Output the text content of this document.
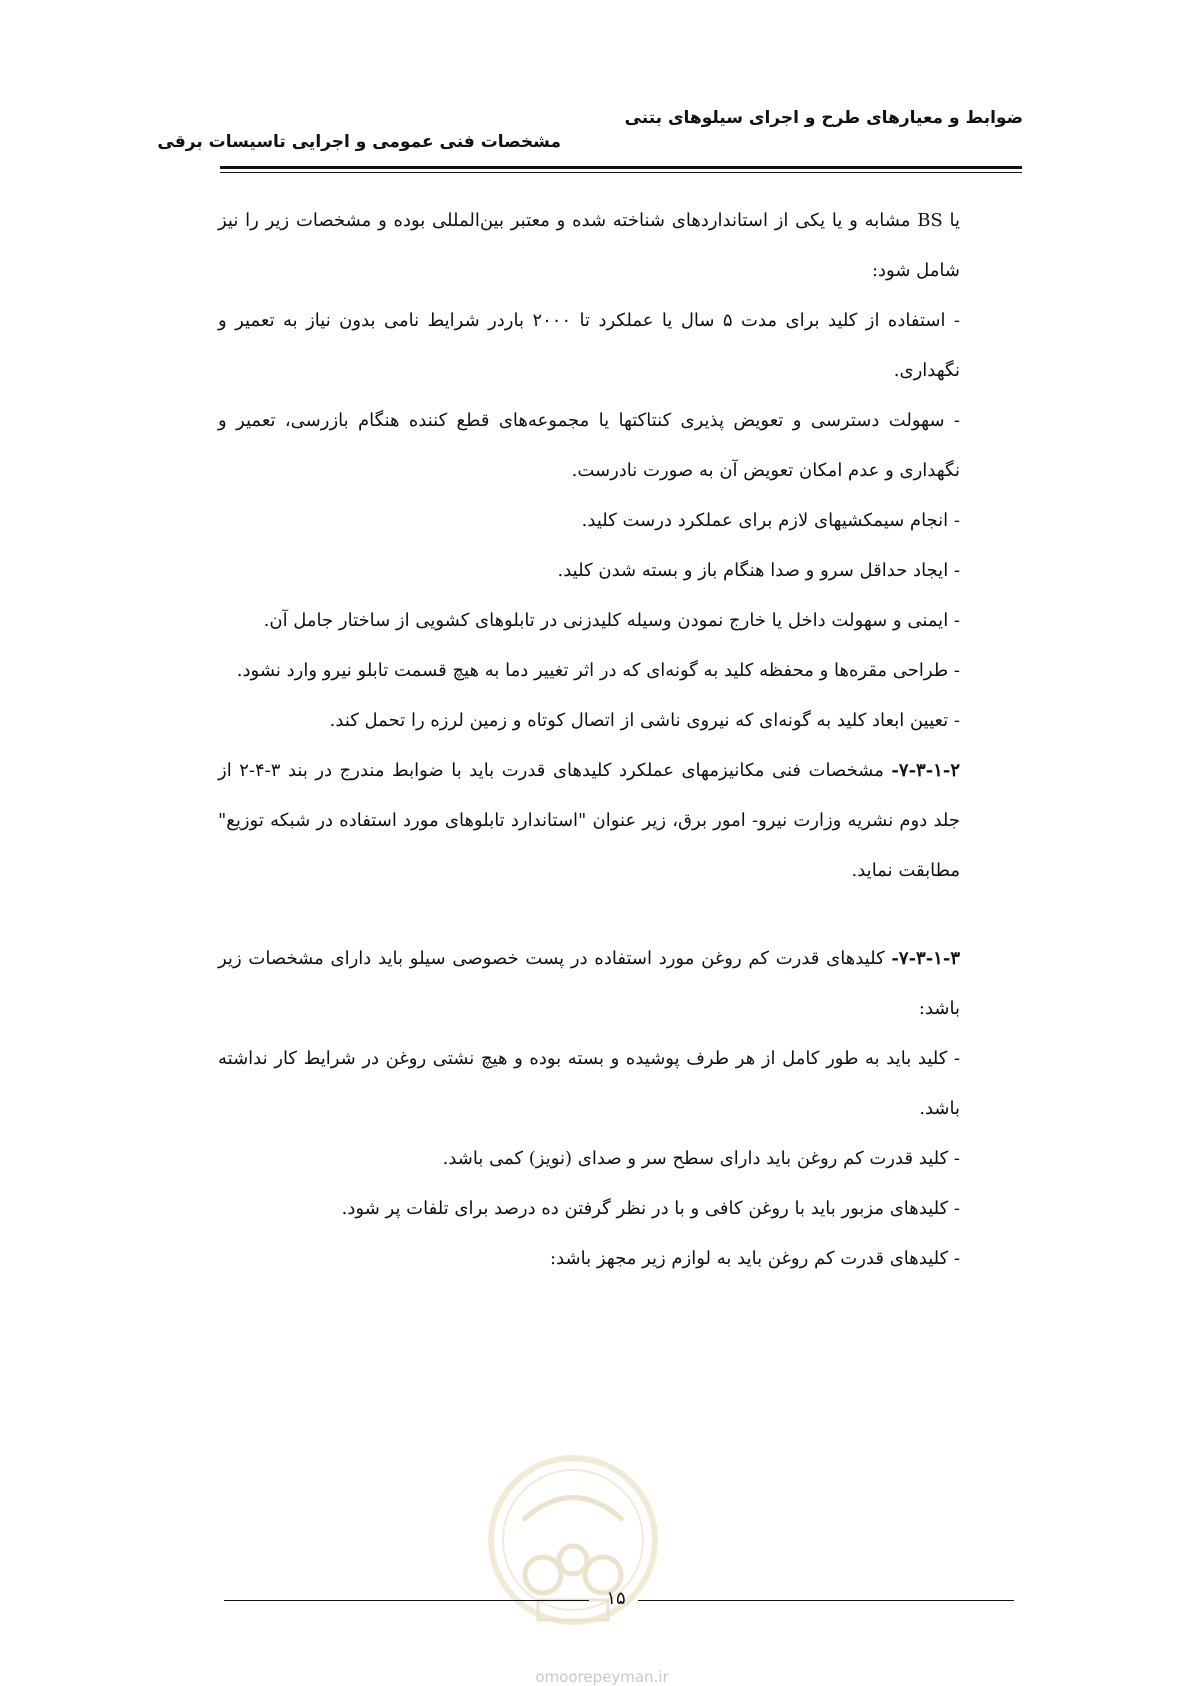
ضوابط و معیارهای طرح و اجرای سیلوهای بتنی
مشخصات فنی عمومی و اجرایی تاسیسات برقی

یا BS مشابه و یا یکی از استانداردهای شناخته شده و معتبر بین‌المللی بوده و مشخصات زیر را نیز شامل شود:

- استفاده از کلید برای مدت ۵ سال یا عملکرد تا ۲۰۰۰ باردر شرایط نامی بدون نیاز به تعمیر و نگهداری.

- سهولت دسترسی و تعویض پذیری کنتاکتها یا مجموعه‌های قطع کننده هنگام بازرسی، تعمیر و نگهداری و عدم امکان تعویض آن به صورت نادرست.

- انجام سیمکشیهای لازم برای عملکرد درست کلید.

- ایجاد حداقل سرو و صدا هنگام باز و بسته شدن کلید.

- ایمنی و سهولت داخل یا خارج نمودن وسیله کلیدزنی در تابلوهای کشویی از ساختار جامل آن.

- طراحی مقره‌ها و محفظه کلید به گونه‌ای که در اثر تغییر دما به هیچ قسمت تابلو نیرو وارد نشود.

- تعیین ابعاد کلید به گونه‌ای که نیروی ناشی از اتصال کوتاه و زمین لرزه را تحمل کند.

۷-۳-۱-۲- مشخصات فنی مکانیزمهای عملکرد کلیدهای قدرت باید با ضوابط مندرج در بند ۳-۴-۲ از جلد دوم نشریه وزارت نیرو- امور برق، زیر عنوان "استاندارد تابلوهای مورد استفاده در شبکه توزیع" مطابقت نماید.

۷-۳-۱-۳- کلیدهای قدرت کم روغن مورد استفاده در پست خصوصی سیلو باید دارای مشخصات زیر باشد:

- کلید باید به طور کامل از هر طرف پوشیده و بسته بوده و هیچ نشتی روغن در شرایط کار نداشته باشد.

- کلید قدرت کم روغن باید دارای سطح سر و صدای (نویز) کمی باشد.

- کلیدهای مزبور باید با روغن کافی و با در نظر گرفتن ده درصد برای تلفات پر شود.

- کلیدهای قدرت کم روغن باید به لوازم زیر مجهز باشد:

۱۵
omoorepeyman.ir
